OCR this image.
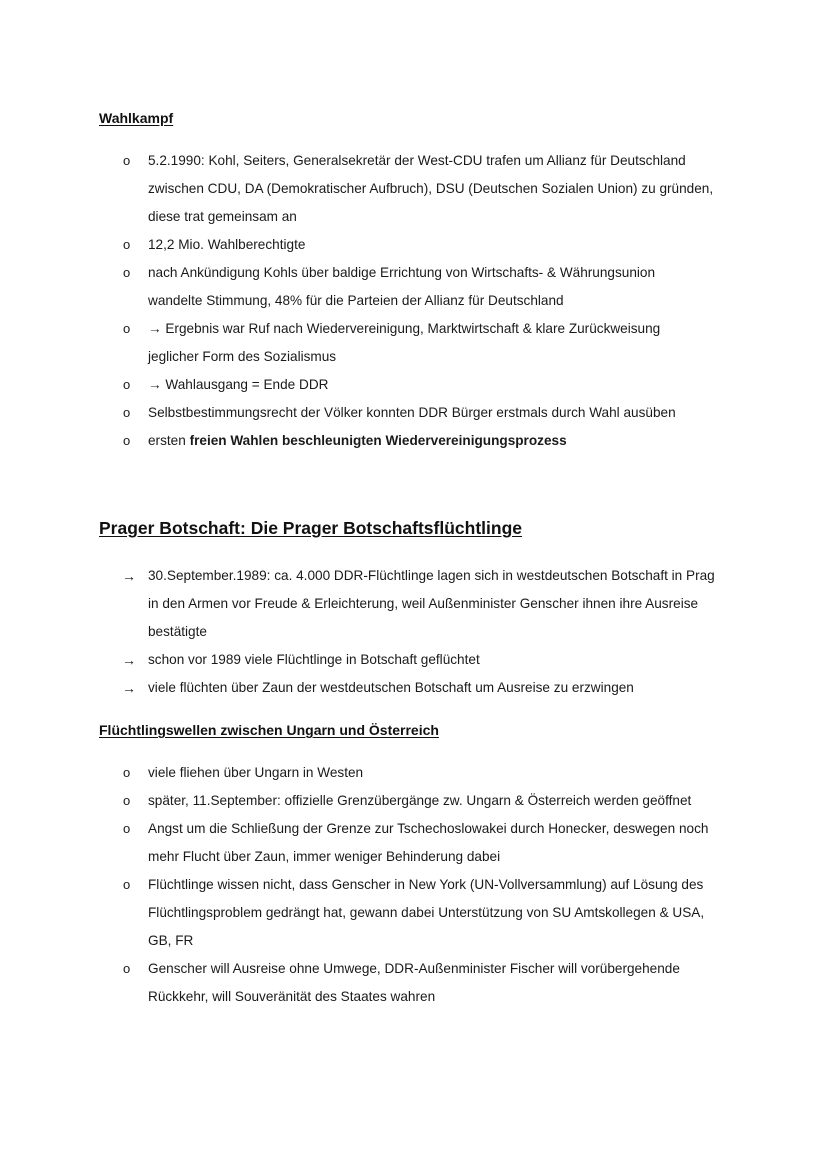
Wahlkampf
o 5.2.1990: Kohl, Seiters, Generalsekretär der West-CDU trafen um Allianz für Deutschland
zwischen CDU, DA (Demokratischer Aufbruch), DSU (Deutschen Sozialen Union) zu gründen,
diese trat gemeinsam an
o 12,2 Mio. Wahlberechtigte
o nach Ankündigung Kohls über baldige Errichtung von Wirtschafts- & Währungsunion
wandelte Stimmung, 48% für die Parteien der Allianz für Deutschland
o → Ergebnis war Ruf nach Wiedervereinigung, Marktwirtschaft & klare Zurückweisung
jeglicher Form des Sozialismus
o → Wahlausgang = Ende DDR
o Selbstbestimmungsrecht der Völker konnten DDR Bürger erstmals durch Wahl ausüben
o ersten freien Wahlen beschleunigten Wiedervereinigungsprozess
Prager Botschaft: Die Prager Botschaftsflüchtlinge
→ 30.September.1989: ca. 4.000 DDR-Flüchtlinge lagen sich in westdeutschen Botschaft in Prag
in den Armen vor Freude & Erleichterung, weil Außenminister Genscher ihnen ihre Ausreise
bestätigte
→ schon vor 1989 viele Flüchtlinge in Botschaft geflüchtet
→ viele flüchten über Zaun der westdeutschen Botschaft um Ausreise zu erzwingen
Flüchtlingswellen zwischen Ungarn und Österreich
o viele fliehen über Ungarn in Westen
o später, 11.September: offizielle Grenzübergänge zw. Ungarn & Österreich werden geöffnet
o Angst um die Schließung der Grenze zur Tschechoslowakei durch Honecker, deswegen noch
mehr Flucht über Zaun, immer weniger Behinderung dabei
o Flüchtlinge wissen nicht, dass Genscher in New York (UN-Vollversammlung) auf Lösung des
Flüchtlingsproblem gedrängt hat, gewann dabei Unterstützung von SU Amtskollegen & USA,
GB, FR
o Genscher will Ausreise ohne Umwege, DDR-Außenminister Fischer will vorübergehende
Rückkehr, will Souveränität des Staates wahren
